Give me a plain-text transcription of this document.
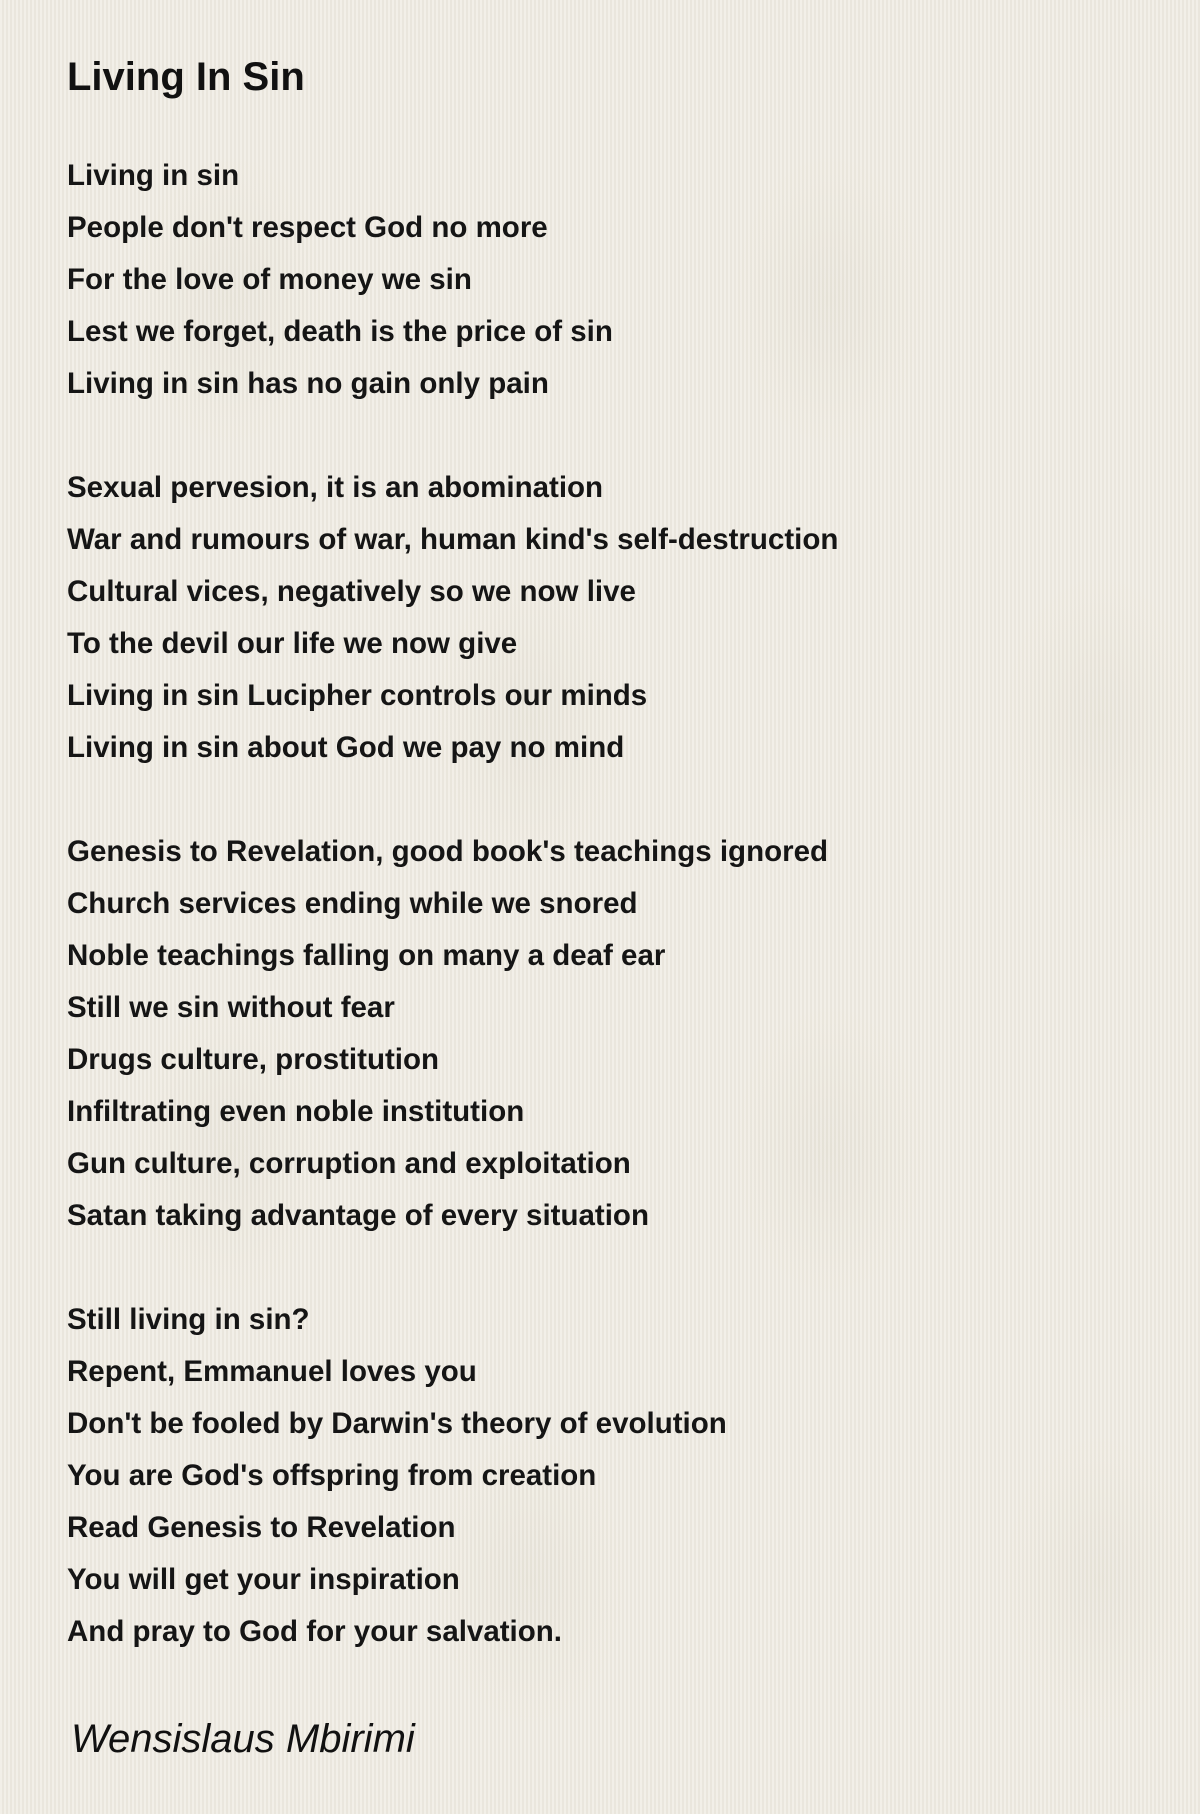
Living In Sin
Living in sin
People don't respect God no more
For the love of money we sin
Lest we forget, death is the price of sin
Living in sin has no gain only pain
Sexual pervesion, it is an abomination
War and rumours of war, human kind's self-destruction
Cultural vices, negatively so we now live
To the devil our life we now give
Living in sin Lucipher controls our minds
Living in sin about God we pay no mind
Genesis to Revelation, good book's teachings ignored
Church services ending while we snored
Noble teachings falling on many a deaf ear
Still we sin without fear
Drugs culture, prostitution
Infiltrating even noble institution
Gun culture, corruption and exploitation
Satan taking advantage of every situation
Still living in sin?
Repent, Emmanuel loves you
Don't be fooled by Darwin's theory of evolution
You are God's offspring from creation
Read Genesis to Revelation
You will get your inspiration
And pray to God for your salvation.

Wensislaus Mbirimi
